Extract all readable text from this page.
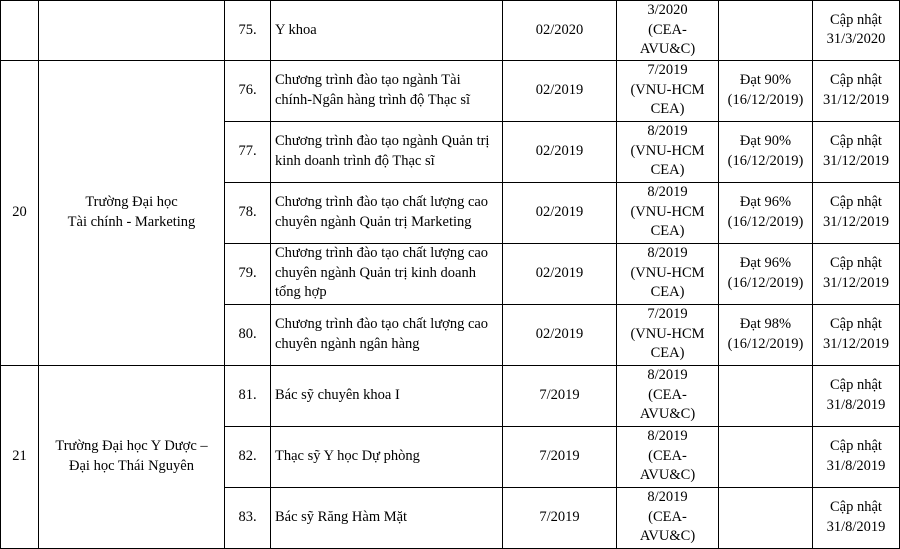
		75.	Y khoa	02/2020	3/2020
(CEA-
AVU&C)		Cập nhật
31/3/2020
20	Trường Đại học
Tài chính - Marketing	76.	Chương trình đào tạo ngành Tài chính-Ngân hàng trình độ Thạc sĩ	02/2019	7/2019
(VNU-HCM
CEA)	Đạt 90%
(16/12/2019)	Cập nhật
31/12/2019
		77.	Chương trình đào tạo ngành Quản trị kinh doanh trình độ Thạc sĩ	02/2019	8/2019
(VNU-HCM
CEA)	Đạt 90%
(16/12/2019)	Cập nhật
31/12/2019
		78.	Chương trình đào tạo chất lượng cao chuyên ngành Quản trị Marketing	02/2019	8/2019
(VNU-HCM
CEA)	Đạt 96%
(16/12/2019)	Cập nhật
31/12/2019
		79.	Chương trình đào tạo chất lượng cao chuyên ngành Quản trị kinh doanh tổng hợp	02/2019	8/2019
(VNU-HCM
CEA)	Đạt 96%
(16/12/2019)	Cập nhật
31/12/2019
		80.	Chương trình đào tạo chất lượng cao chuyên ngành ngân hàng	02/2019	7/2019
(VNU-HCM
CEA)	Đạt 98%
(16/12/2019)	Cập nhật
31/12/2019
21	Trường Đại học Y Dược –
Đại học Thái Nguyên	81.	Bác sỹ chuyên khoa I	7/2019	8/2019
(CEA-
AVU&C)		Cập nhật
31/8/2019
		82.	Thạc sỹ Y học Dự phòng	7/2019	8/2019
(CEA-
AVU&C)		Cập nhật
31/8/2019
		83.	Bác sỹ Răng Hàm Mặt	7/2019	8/2019
(CEA-
AVU&C)		Cập nhật
31/8/2019
